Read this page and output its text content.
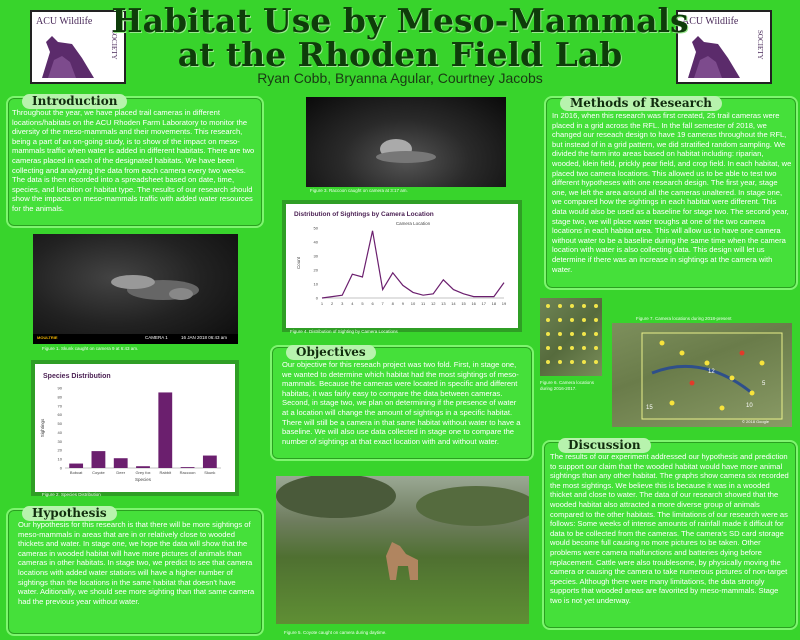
ACU Wildlife
SOCIETY
ACU Wildlife
SOCIETY
Habitat Use by Meso-Mammals
at the Rhoden Field Lab
Ryan Cobb, Bryanna Agular, Courtney Jacobs
Introduction
Throughout the year, we have placed trail cameras in different locations/habitats on the ACU Rhoden Farm Laboratory to monitor the diversity of the meso-mammals and their movements. This research, being a part of an on-going study, is to show of the impact on meso-mammals traffic when water is added in different habitats. There are two cameras placed in each of the designated habitats. We have been collecting and analyzing the data from each camera every two weeks. The data is then recorded into a spreadsheet based on date, time, species, and location or habitat type. The results of our research should show the impacts on meso-mammals traffic with added water resources for the animals.
MOULTRIE	CAMERA 1	16 JAN 2018 06:43 am
Figure 1. Skunk caught on camera 9 at 6:43 am.
Species Distribution
0
10
20
30
40
50
60
70
80
90
Sightings
Bobcat Coyote	Deer	Grey fox Rabbit Raccoon Skunk
Species
Figure 2. Species Distribution
Hypothesis
Our hypothesis for this research is that there will be more sightings of meso-mammals in areas that are in or relatively close to wooded thickets and water. In stage one, we hope the data will show that the cameras in wooded habitat will have more pictures of animals than cameras in other habitats. In stage two, we predict to see that camera locations with added water stations will have a higher number of sightings than the locations in the same habitat that doesn't have water. Aditionally, we should see more sighting than that same camera had the previous year without water.
Figure 3. Raccoon caught on camera at 3:17 am.
Distribution of Sightings by Camera Location
0
10
20
30
40
50
Count
Camera Location
1 2 3 4 5 6 7 8 9 10 11 12 13 14 15 16 17 18 19
Figure 4. Distribution of Sighting by Camera Locations
Objectives
Our objective for this reseach project was two fold. First, in stage one, we wanted to determine which habitat had the most sightings of meso-mammals. Because the cameras were located in specific and different habitats, it was fairly easy to compare the data between cameras. Second, in stage two, we plan on determining if the presence of water at a location will change the amount of sightings in a specific habitat. There will still be a camera in that same habitat without water to have a baseline. We will also use data collected in stage one to compare the number of sightings at that exact location with and without water.
Figure 5. Coyote caught on camera during daytime.
Methods of Research
In 2016, when this research was first created, 25 trail cameras were placed in a grid across the RFL. In the fall semester of 2018, we changed our reseach design to have 19 cameras throughout the RFL, but instead of in a grid pattern, we did stratified random sampling. We divided the farm into areas based on habitat including: riparian, wooded, klein field, prickly pear field, and crop field. In each habitat, we placed two camera locations. This allowed us to be able to test two different hypotheses with one research design. The first year, stage one, we left the area around all the cameras unaltered. In stage one, we compared how the sightings in each habitat were different. This data would also be used as a baseline for stage two. The second year, stage two, we will place water troughs at one of the two camera locations in each habitat area. This will allow us to have one camera without water to be a baseline during the same time when the camera location with water is also collecting data. This design will let us determine if there was an increase in sightings at the camera with water.
Figure 6. Camera locations
during 2016-2017.
Figure 7. Camera locations during 2018-present
12
5
10
15
© 2018 Google
Discussion
The results of our experiment addressed our hypothesis and prediction to support our claim that the wooded habitat would have more animal sightings than any other habitat. The graphs show camera six recorded the most sightings. We believe this is because it was in a wooded thicket and close to water. The data of our research showed that the wooded habitat also attracted a more diverse group of animals compared to the other habitats. The limitations of our research were as follows: Some weeks of intense amounts of rainfall made it difficult for data to be collected from the cameras. The camera's SD card storage would become full causing no more pictures to be taken. Other problems were camera malfunctions and batteries dying before replacement. Cattle were also troublesome, by physically moving the camera or causing the camera to take numerous pictures of non-target species. Although there were many limitations, the data strongly supports that wooded areas are favorited by meso-mammals. Stage two is not yet underway.
